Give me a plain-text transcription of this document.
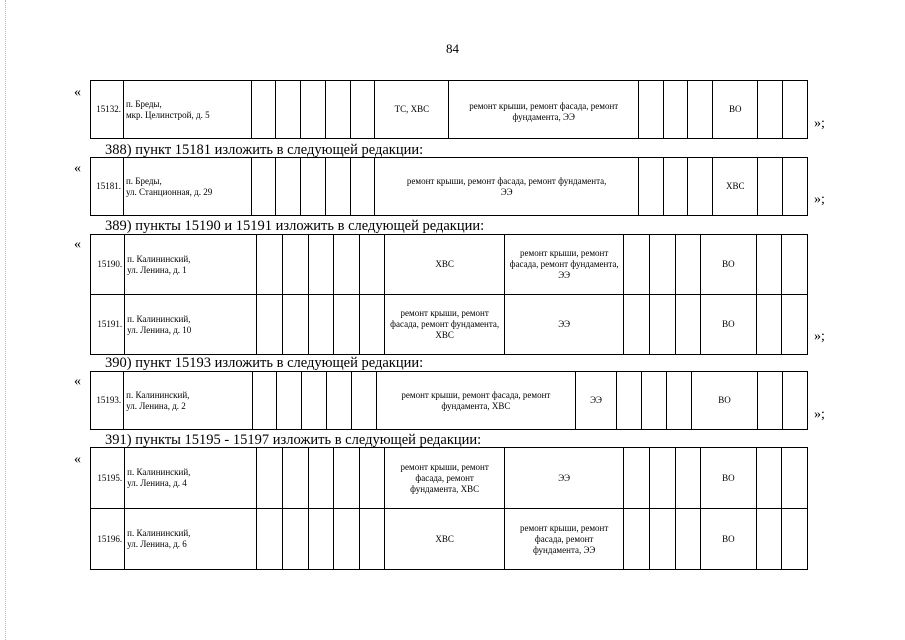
84
«
15132.	п. Бреды,
мкр. Целинстрой, д. 5						ТС, ХВС	ремонт крыши, ремонт фасада, ремонт фундамента, ЭЭ				ВО		
»;
388) пункт 15181 изложить в следующей редакции:
«
15181.	п. Бреды,
ул. Станционная, д. 29						ремонт крыши, ремонт фасада, ремонт фундамента, ЭЭ				ХВС		
»;
389) пункты 15190 и 15191 изложить в следующей редакции:
«
15190.	п. Калининский,
ул. Ленина, д. 1						ХВС	ремонт крыши, ремонт фасада, ремонт фундамента, ЭЭ				ВО		
15191.	п. Калининский,
ул. Ленина, д. 10						ремонт крыши, ремонт фасада, ремонт фундамента, ХВС	ЭЭ				ВО		
»;
390) пункт 15193 изложить в следующей редакции:
«
15193.	п. Калининский,
ул. Ленина, д. 2						ремонт крыши, ремонт фасада, ремонт фундамента, ХВС	ЭЭ				ВО		
»;
391) пункты 15195 - 15197 изложить в следующей редакции:
«
15195.	п. Калининский,
ул. Ленина, д. 4						ремонт крыши, ремонт фасада, ремонт фундамента, ХВС	ЭЭ				ВО		
15196.	п. Калининский,
ул. Ленина, д. 6						ХВС	ремонт крыши, ремонт фасада, ремонт фундамента, ЭЭ				ВО		
